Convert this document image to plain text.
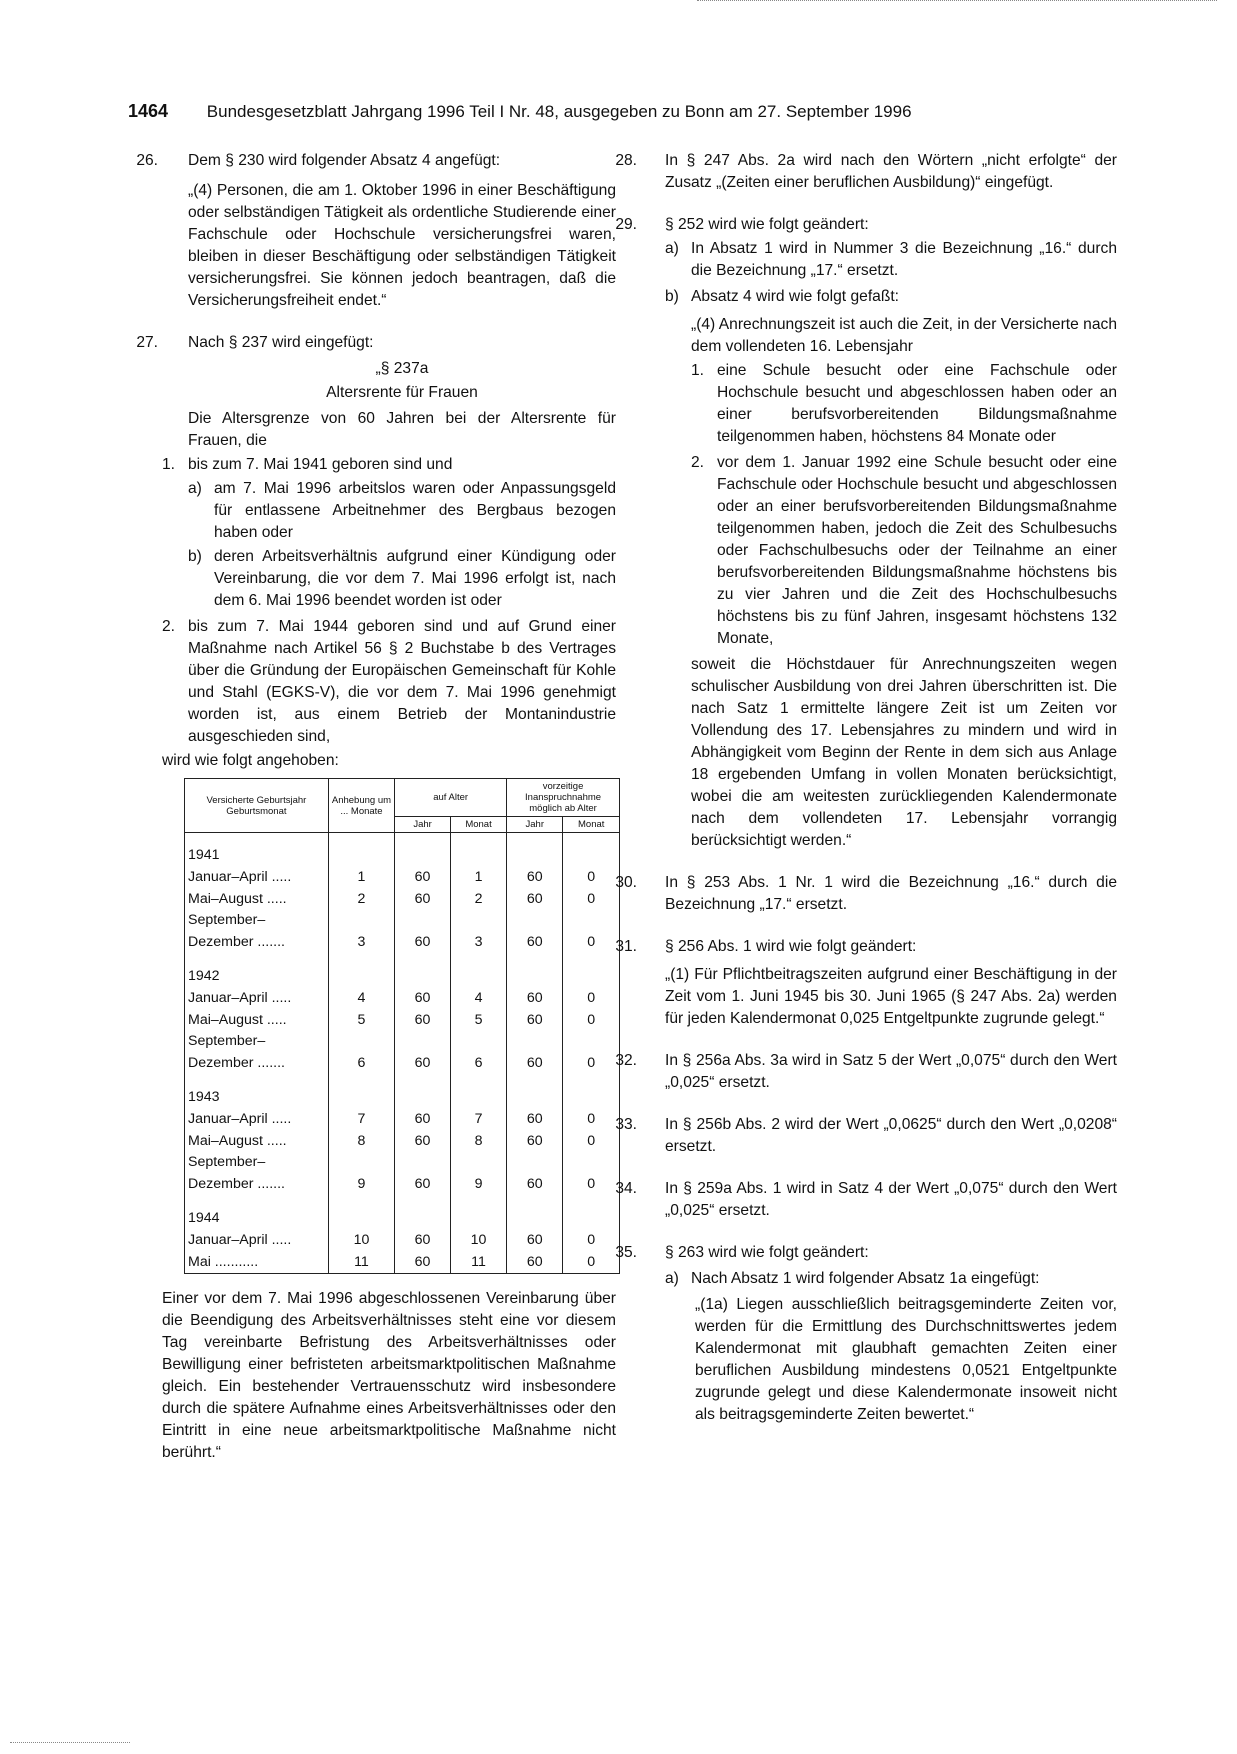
1464 Bundesgesetzblatt Jahrgang 1996 Teil I Nr. 48, ausgegeben zu Bonn am 27. September 1996
26. Dem § 230 wird folgender Absatz 4 angefügt:

„(4) Personen, die am 1. Oktober 1996 in einer Beschäftigung oder selbständigen Tätigkeit als ordentliche Studierende einer Fachschule oder Hochschule versicherungsfrei waren, bleiben in dieser Beschäftigung oder selbständigen Tätigkeit versicherungsfrei. Sie können jedoch beantragen, daß die Versicherungsfreiheit endet.“

27. Nach § 237 wird eingefügt:

„§ 237a

Altersrente für Frauen

Die Altersgrenze von 60 Jahren bei der Altersrente für Frauen, die

1. bis zum 7. Mai 1941 geboren sind und

a) am 7. Mai 1996 arbeitslos waren oder Anpassungsgeld für entlassene Arbeitnehmer des Bergbaus bezogen haben oder

b) deren Arbeitsverhältnis aufgrund einer Kündigung oder Vereinbarung, die vor dem 7. Mai 1996 erfolgt ist, nach dem 6. Mai 1996 beendet worden ist oder

2. bis zum 7. Mai 1944 geboren sind und auf Grund einer Maßnahme nach Artikel 56 § 2 Buchstabe b des Vertrages über die Gründung der Europäischen Gemeinschaft für Kohle und Stahl (EGKS-V), die vor dem 7. Mai 1996 genehmigt worden ist, aus einem Betrieb der Montanindustrie ausgeschieden sind,

wird wie folgt angehoben:

Versicherte Geburtsjahr Geburtsmonat	Anhebung um ... Monate	auf Alter		vorzeitige Inanspruchnahme möglich ab Alter	
		Jahr	Monat	Jahr	Monat

1941					
Januar–April .....	1	60	1	60	0
Mai–August .....	2	60	2	60	0
September–					
Dezember .......	3	60	3	60	0

1942					
Januar–April .....	4	60	4	60	0
Mai–August .....	5	60	5	60	0
September–					
Dezember .......	6	60	6	60	0

1943					
Januar–April .....	7	60	7	60	0
Mai–August .....	8	60	8	60	0
September–					
Dezember .......	9	60	9	60	0

1944					
Januar–April .....	10	60	10	60	0
Mai ...........	11	60	11	60	0

Einer vor dem 7. Mai 1996 abgeschlossenen Vereinbarung über die Beendigung des Arbeitsverhältnisses steht eine vor diesem Tag vereinbarte Befristung des Arbeitsverhältnisses oder Bewilligung einer befristeten arbeitsmarktpolitischen Maßnahme gleich. Ein bestehender Vertrauensschutz wird insbesondere durch die spätere Aufnahme eines Arbeitsverhältnisses oder den Eintritt in eine neue arbeitsmarktpolitische Maßnahme nicht berührt.“

28. In § 247 Abs. 2a wird nach den Wörtern „nicht erfolgte“ der Zusatz „(Zeiten einer beruflichen Ausbildung)“ eingefügt.

29. § 252 wird wie folgt geändert:

a) In Absatz 1 wird in Nummer 3 die Bezeichnung „16.“ durch die Bezeichnung „17.“ ersetzt.

b) Absatz 4 wird wie folgt gefaßt:

„(4) Anrechnungszeit ist auch die Zeit, in der Versicherte nach dem vollendeten 16. Lebensjahr

1. eine Schule besucht oder eine Fachschule oder Hochschule besucht und abgeschlossen haben oder an einer berufsvorbereitenden Bildungsmaßnahme teilgenommen haben, höchstens 84 Monate oder

2. vor dem 1. Januar 1992 eine Schule besucht oder eine Fachschule oder Hochschule besucht und abgeschlossen oder an einer berufsvorbereitenden Bildungsmaßnahme teilgenommen haben, jedoch die Zeit des Schulbesuchs oder Fachschulbesuchs oder der Teilnahme an einer berufsvorbereitenden Bildungsmaßnahme höchstens bis zu vier Jahren und die Zeit des Hochschulbesuchs höchstens bis zu fünf Jahren, insgesamt höchstens 132 Monate,

soweit die Höchstdauer für Anrechnungszeiten wegen schulischer Ausbildung von drei Jahren überschritten ist. Die nach Satz 1 ermittelte längere Zeit ist um Zeiten vor Vollendung des 17. Lebensjahres zu mindern und wird in Abhängigkeit vom Beginn der Rente in dem sich aus Anlage 18 ergebenden Umfang in vollen Monaten berücksichtigt, wobei die am weitesten zurückliegenden Kalendermonate nach dem vollendeten 17. Lebensjahr vorrangig berücksichtigt werden.“

30. In § 253 Abs. 1 Nr. 1 wird die Bezeichnung „16.“ durch die Bezeichnung „17.“ ersetzt.

31. § 256 Abs. 1 wird wie folgt geändert:

„(1) Für Pflichtbeitragszeiten aufgrund einer Beschäftigung in der Zeit vom 1. Juni 1945 bis 30. Juni 1965 (§ 247 Abs. 2a) werden für jeden Kalendermonat 0,025 Entgeltpunkte zugrunde gelegt.“

32. In § 256a Abs. 3a wird in Satz 5 der Wert „0,075“ durch den Wert „0,025“ ersetzt.

33. In § 256b Abs. 2 wird der Wert „0,0625“ durch den Wert „0,0208“ ersetzt.

34. In § 259a Abs. 1 wird in Satz 4 der Wert „0,075“ durch den Wert „0,025“ ersetzt.

35. § 263 wird wie folgt geändert:

a) Nach Absatz 1 wird folgender Absatz 1a eingefügt:

„(1a) Liegen ausschließlich beitragsgeminderte Zeiten vor, werden für die Ermittlung des Durchschnittswertes jedem Kalendermonat mit glaubhaft gemachten Zeiten einer beruflichen Ausbildung mindestens 0,0521 Entgeltpunkte zugrunde gelegt und diese Kalendermonate insoweit nicht als beitragsgeminderte Zeiten bewertet.“
